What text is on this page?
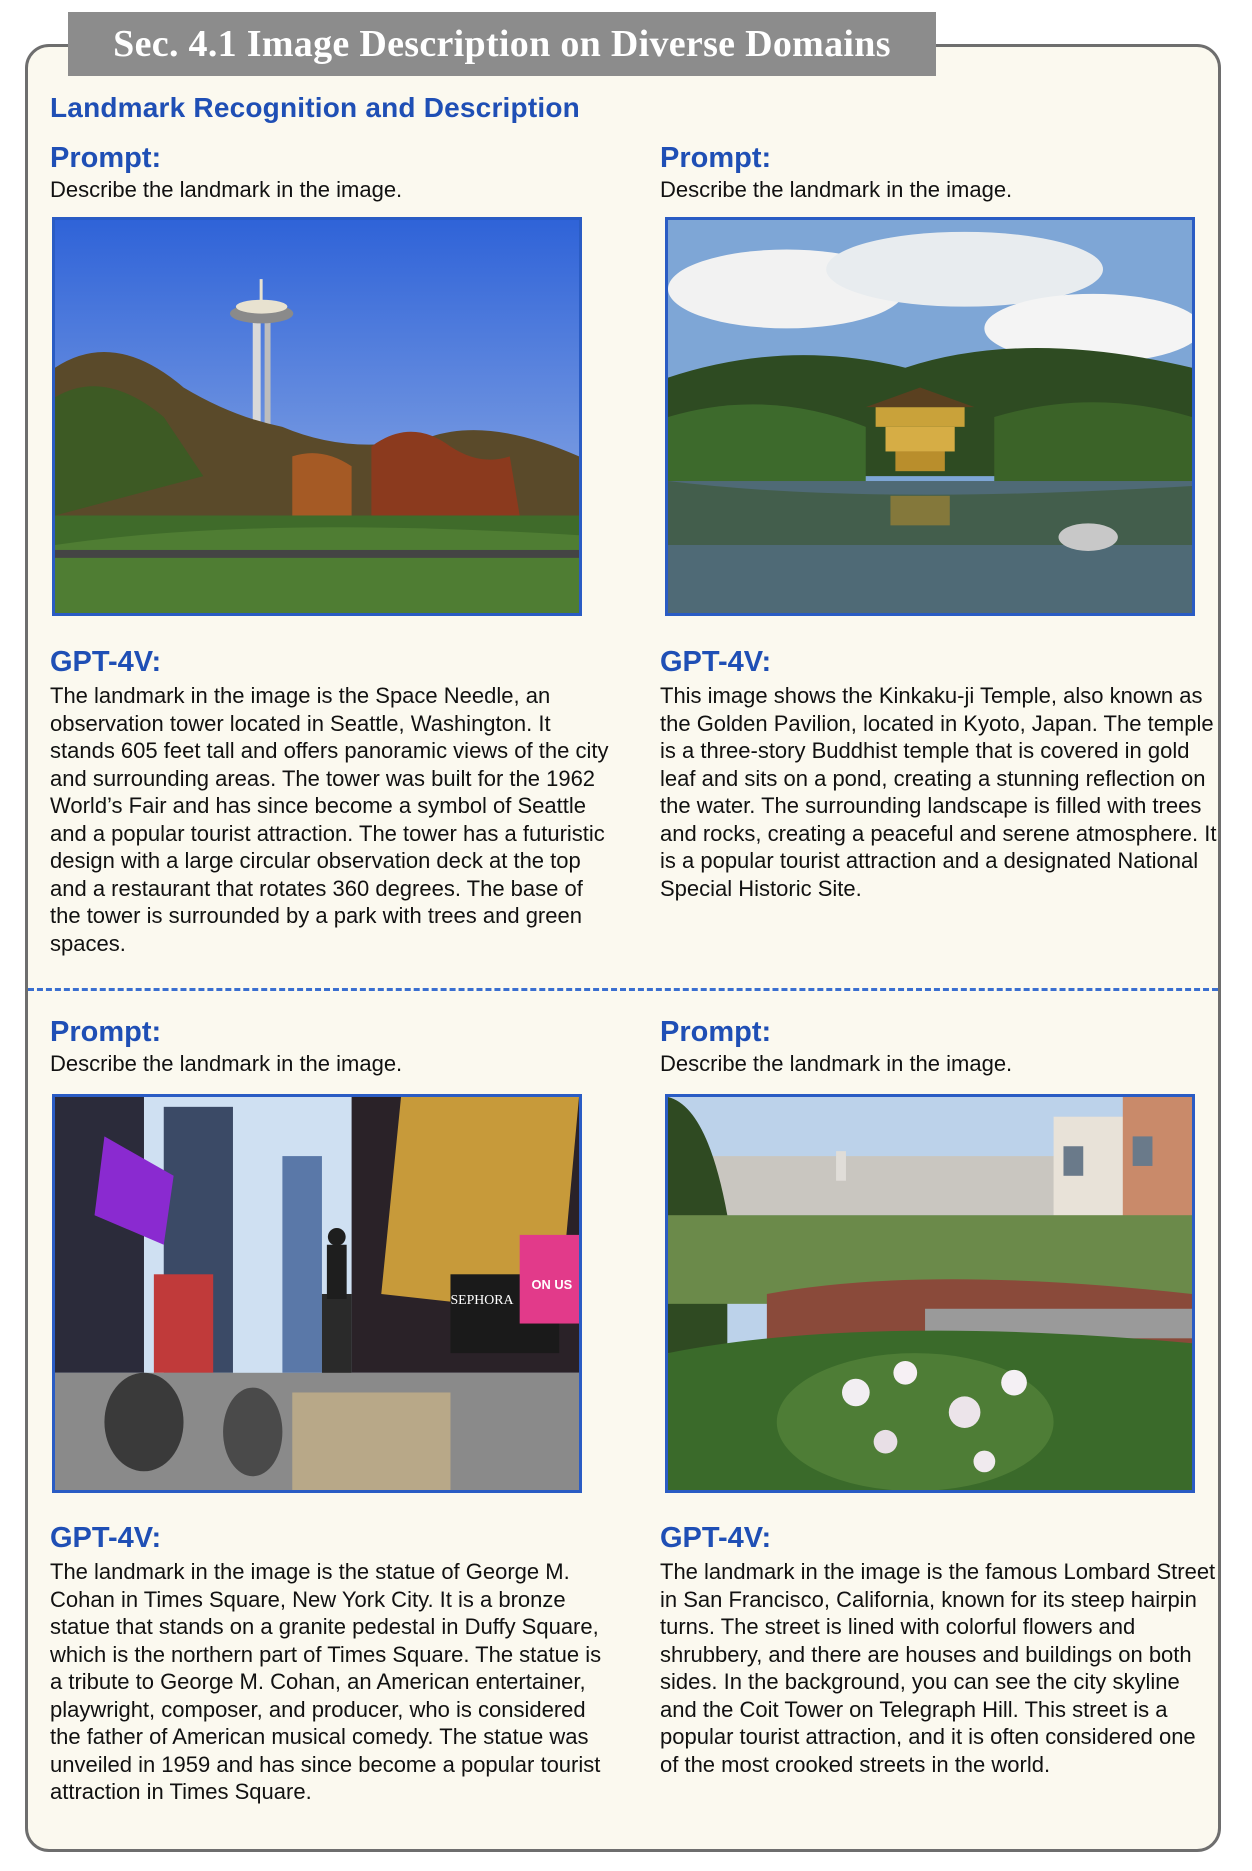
Sec. 4.1 Image Description on Diverse Domains
Landmark Recognition and Description
Prompt:
Describe the landmark in the image.
GPT-4V:
The landmark in the image is the Space Needle, an observation tower located in Seattle, Washington. It stands 605 feet tall and offers panoramic views of the city and surrounding areas. The tower was built for the 1962 World’s Fair and has since become a symbol of Seattle and a popular tourist attraction. The tower has a futuristic design with a large circular observation deck at the top and a restaurant that rotates 360 degrees. The base of the tower is surrounded by a park with trees and green spaces.
Prompt:
Describe the landmark in the image.
GPT-4V:
This image shows the Kinkaku-ji Temple, also known as the Golden Pavilion, located in Kyoto, Japan. The temple is a three-story Buddhist temple that is covered in gold leaf and sits on a pond, creating a stunning reflection on the water. The surrounding landscape is filled with trees and rocks, creating a peaceful and serene atmosphere. It is a popular tourist attraction and a designated National Special Historic Site.
Prompt:
Describe the landmark in the image.
SEPHORA
ON US
GPT-4V:
The landmark in the image is the statue of George M. Cohan in Times Square, New York City. It is a bronze statue that stands on a granite pedestal in Duffy Square, which is the northern part of Times Square. The statue is a tribute to George M. Cohan, an American entertainer, playwright, composer, and producer, who is considered the father of American musical comedy. The statue was unveiled in 1959 and has since become a popular tourist attraction in Times Square.
Prompt:
Describe the landmark in the image.
GPT-4V:
The landmark in the image is the famous Lombard Street in San Francisco, California, known for its steep hairpin turns. The street is lined with colorful flowers and shrubbery, and there are houses and buildings on both sides. In the background, you can see the city skyline and the Coit Tower on Telegraph Hill. This street is a popular tourist attraction, and it is often considered one of the most crooked streets in the world.
